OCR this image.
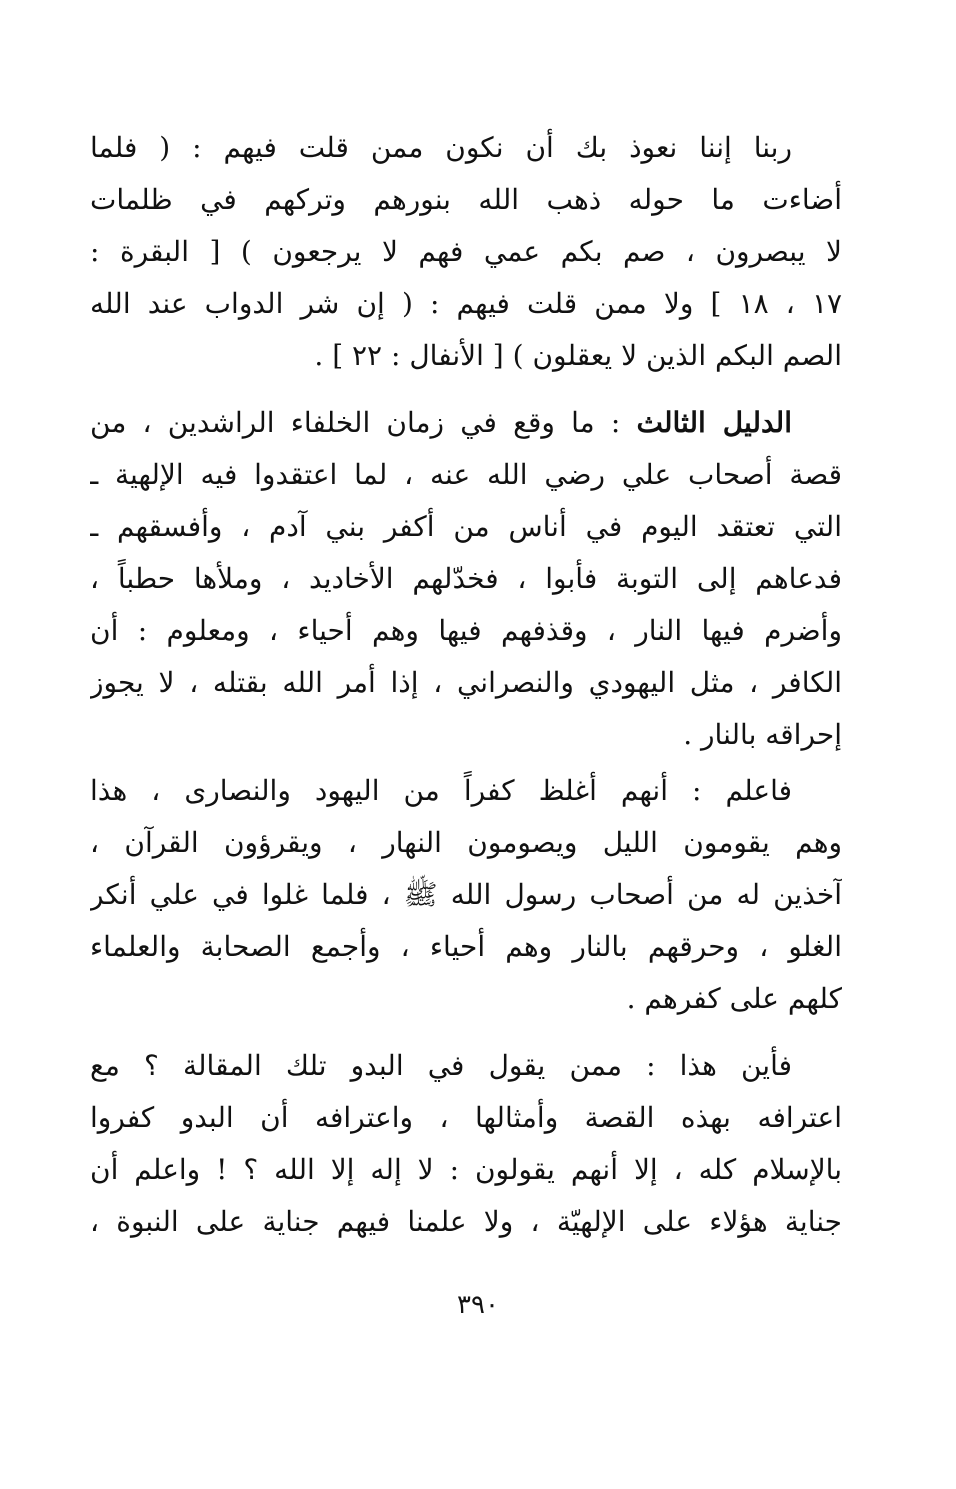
ربنا إننا نعوذ بك أن نكون ممن قلت فيهم : ( فلما
أضاءت ما حوله ذهب الله بنورهم وتركهم في ظلمات
لا يبصرون ، صم بكم عمي فهم لا يرجعون ) [ البقرة :
١٧ ، ١٨ ] ولا ممن قلت فيهم : ( إن شر الدواب عند الله
الصم البكم الذين لا يعقلون ) [ الأنفال : ٢٢ ] .
الدليل الثالث : ما وقع في زمان الخلفاء الراشدين ، من
قصة أصحاب علي رضي الله عنه ، لما اعتقدوا فيه الإلهية ـ
التي تعتقد اليوم في أناس من أكفر بني آدم ، وأفسقهم ـ
فدعاهم إلى التوبة فأبوا ، فخدّلهم الأخاديد ، وملأها حطباً ،
وأضرم فيها النار ، وقذفهم فيها وهم أحياء ، ومعلوم : أن
الكافر ، مثل اليهودي والنصراني ، إذا أمر الله بقتله ، لا يجوز
إحراقه بالنار .
فاعلم : أنهم أغلظ كفراً من اليهود والنصارى ، هذا
وهم يقومون الليل ويصومون النهار ، ويقرؤون القرآن ،
آخذين له من أصحاب رسول الله ﷺ ، فلما غلوا في علي أنكر
الغلو ، وحرقهم بالنار وهم أحياء ، وأجمع الصحابة والعلماء
كلهم على كفرهم .
فأين هذا : ممن يقول في البدو تلك المقالة ؟ مع
اعترافه بهذه القصة وأمثالها ، واعترافه أن البدو كفروا
بالإسلام كله ، إلا أنهم يقولون : لا إله إلا الله ؟ ! واعلم أن
جناية هؤلاء على الإلهيّة ، ولا علمنا فيهم جناية على النبوة ،
٣٩٠
